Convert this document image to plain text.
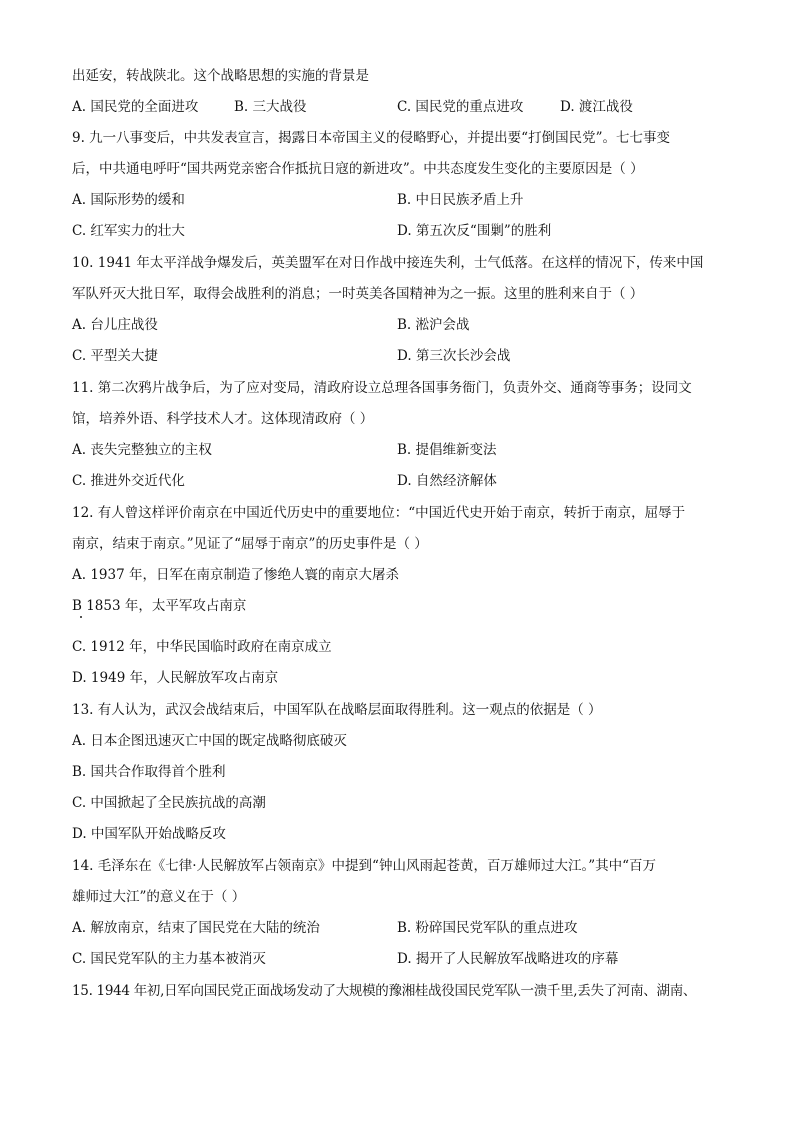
出延安，转战陕北。这个战略思想的实施的背景是
A. 国民党的全面进攻	B. 三大战役	C. 国民党的重点进攻	D. 渡江战役
9. 九一八事变后，中共发表宣言，揭露日本帝国主义的侵略野心，并提出要“打倒国民党”。七七事变
后，中共通电呼吁“国共两党亲密合作抵抗日寇的新进攻”。中共态度发生变化的主要原因是（ ）
A. 国际形势的缓和	B. 中日民族矛盾上升
C. 红军实力的壮大	D. 第五次反“围剿”的胜利
10. 1941 年太平洋战争爆发后，英美盟军在对日作战中接连失利，士气低落。在这样的情况下，传来中国
军队歼灭大批日军，取得会战胜利的消息；一时英美各国精神为之一振。这里的胜利来自于（ ）
A. 台儿庄战役	B. 淞沪会战
C. 平型关大捷	D. 第三次长沙会战
11. 第二次鸦片战争后，为了应对变局，清政府设立总理各国事务衙门，负责外交、通商等事务；设同文
馆，培养外语、科学技术人才。这体现清政府（ ）
A. 丧失完整独立的主权	B. 提倡维新变法
C. 推进外交近代化	D. 自然经济解体
12. 有人曾这样评价南京在中国近代历史中的重要地位：“中国近代史开始于南京，转折于南京，屈辱于
南京，结束于南京。”见证了“屈辱于南京”的历史事件是（ ）
A. 1937 年，日军在南京制造了惨绝人寰的南京大屠杀
B 1853 年，太平军攻占南京
C. 1912 年，中华民国临时政府在南京成立
D. 1949 年，人民解放军攻占南京
13. 有人认为，武汉会战结束后，中国军队在战略层面取得胜利。这一观点的依据是（ ）
A. 日本企图迅速灭亡中国的既定战略彻底破灭
B. 国共合作取得首个胜利
C. 中国掀起了全民族抗战的高潮
D. 中国军队开始战略反攻
14. 毛泽东在《七律·人民解放军占领南京》中提到“钟山风雨起苍黄，百万雄师过大江。”其中“百万
雄师过大江”的意义在于（ ）
A. 解放南京，结束了国民党在大陆的统治	B. 粉碎国民党军队的重点进攻
C. 国民党军队的主力基本被消灭	D. 揭开了人民解放军战略进攻的序幕
15. 1944 年初,日军向国民党正面战场发动了大规模的豫湘桂战役国民党军队一溃千里,丢失了河南、湖南、
